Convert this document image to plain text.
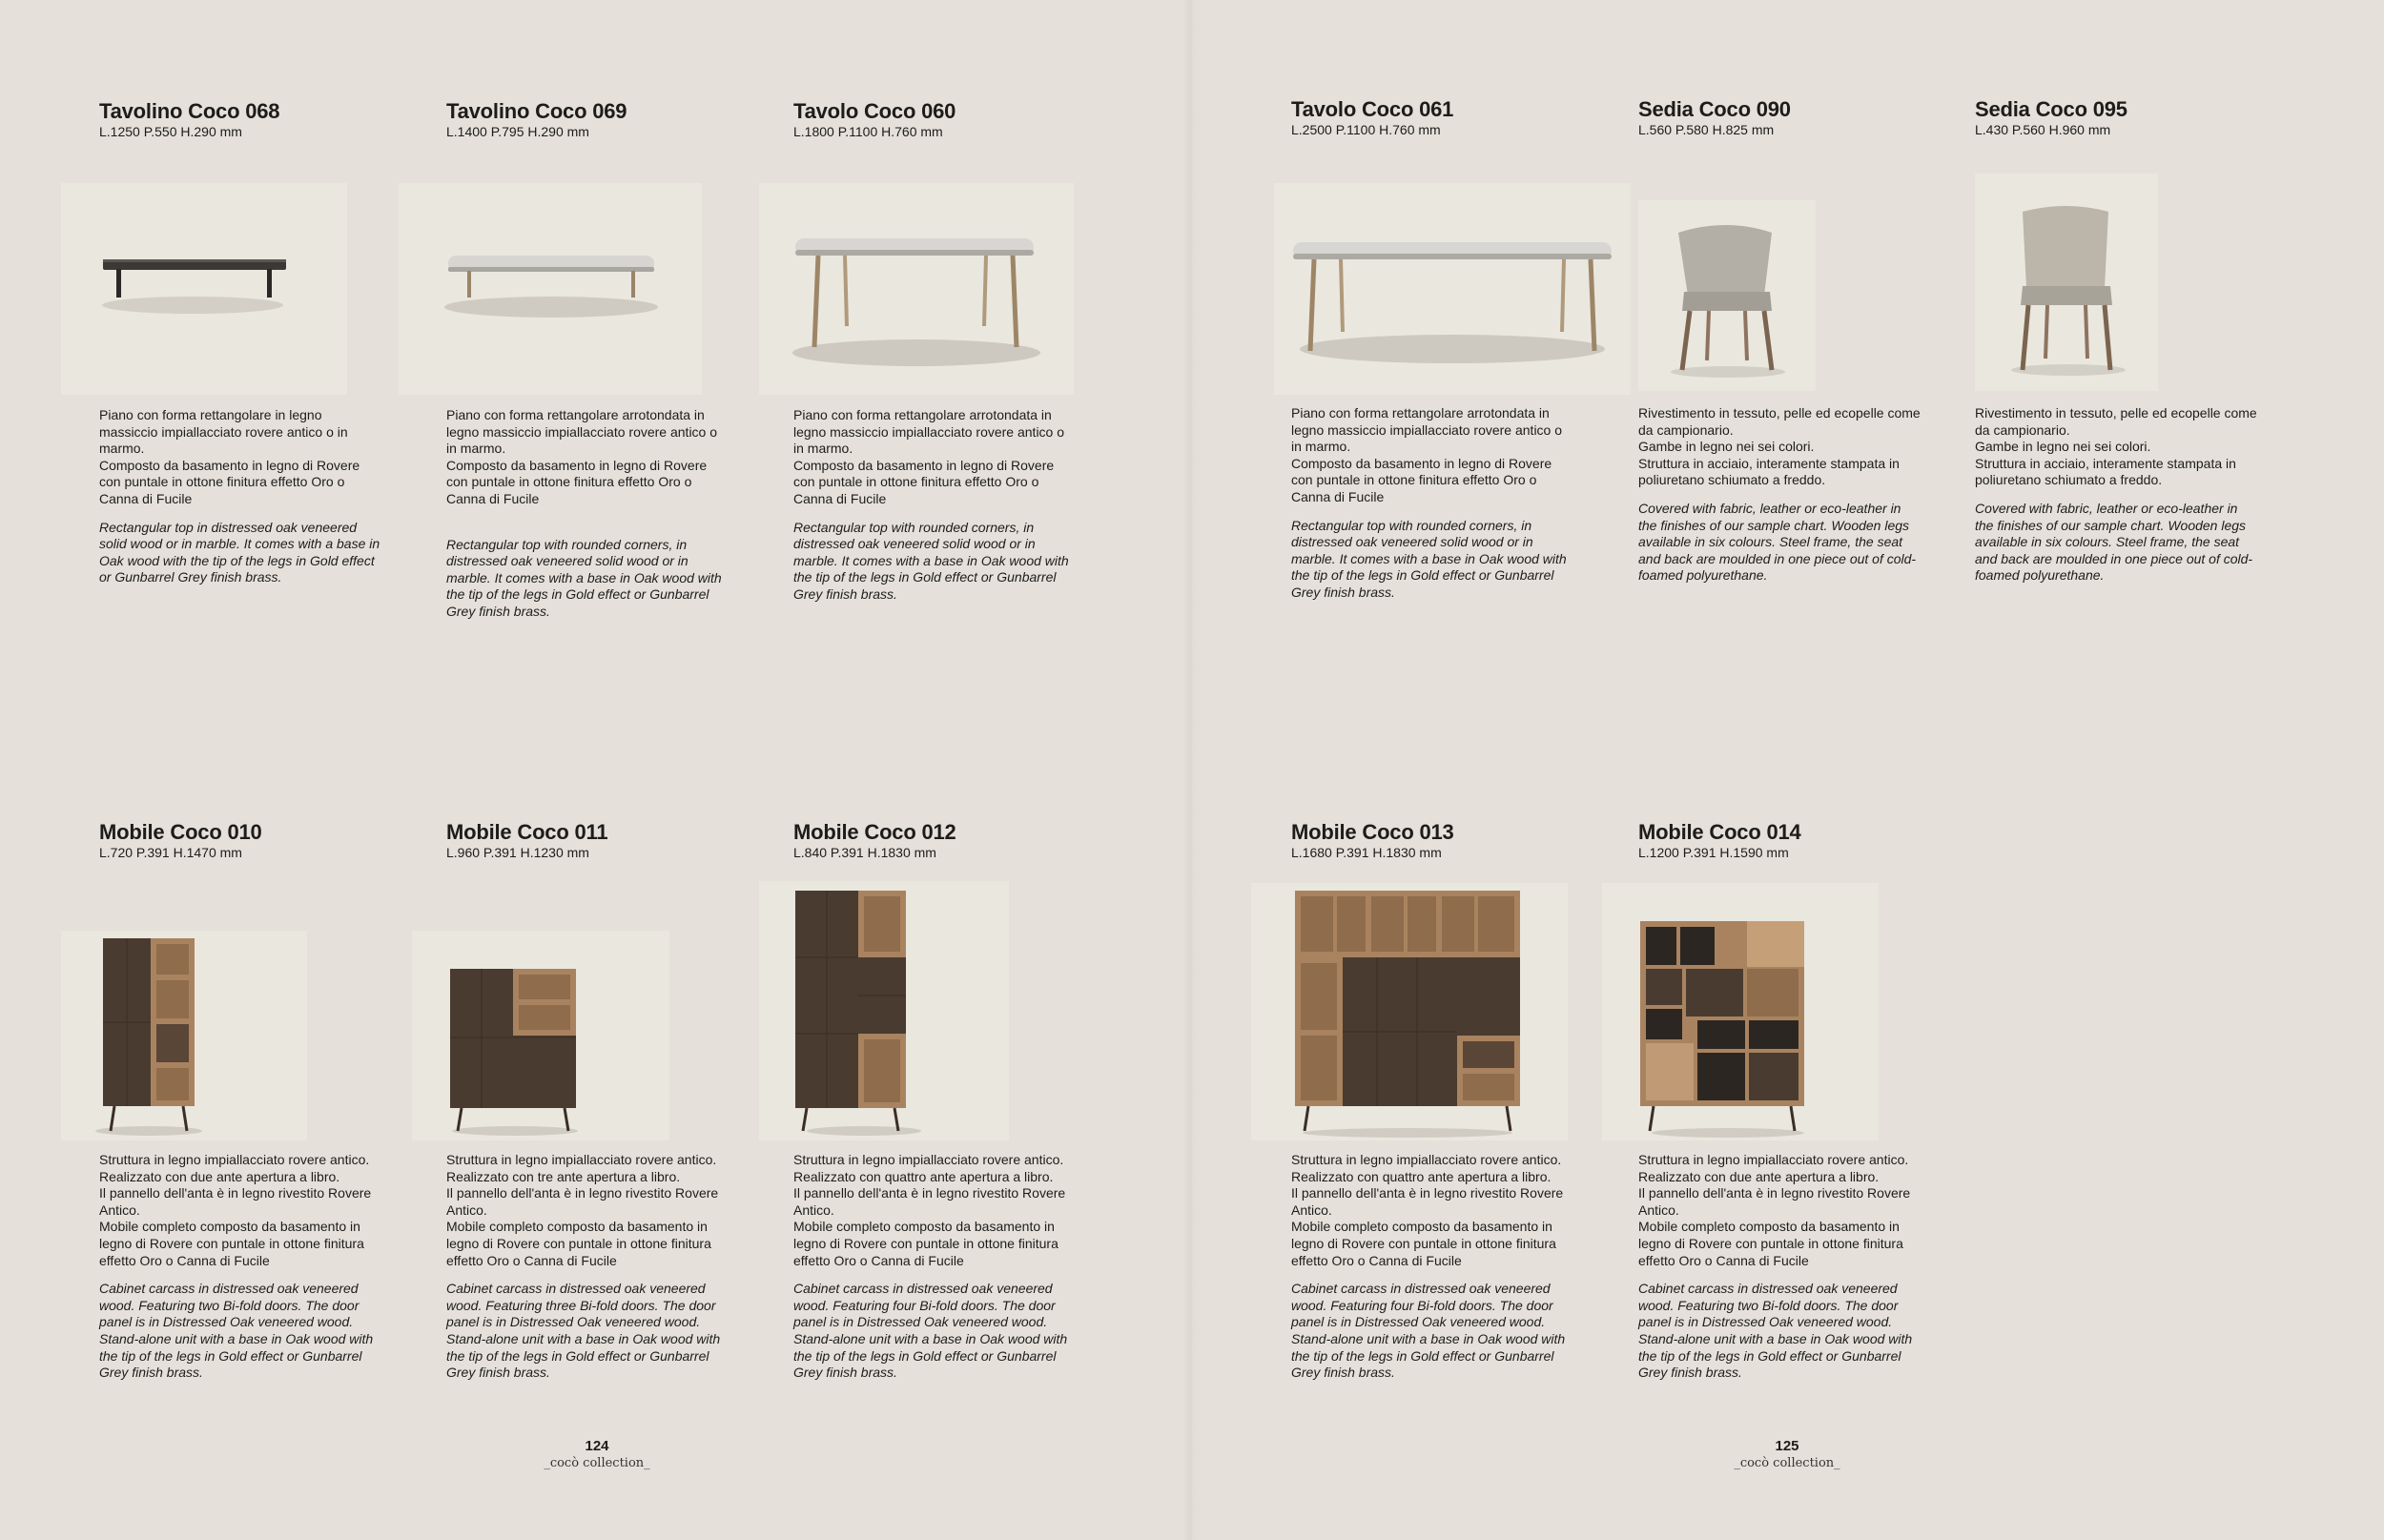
Tavolino Coco 068
L.1250 P.550 H.290 mm

Piano con forma rettangolare in legno

massiccio impiallacciato rovere antico o in

marmo.

Composto da basamento in legno di Rovere

con puntale in ottone finitura effetto Oro o

Canna di Fucile

Rectangular top in distressed oak veneered

solid wood or in marble. It comes with a base in

Oak wood with the tip of the legs in Gold effect

or Gunbarrel Grey finish brass.

Tavolino Coco 069
L.1400 P.795 H.290 mm

Piano con forma rettangolare arrotondata in

legno massiccio impiallacciato rovere antico o

in marmo.

Composto da basamento in legno di Rovere

con puntale in ottone finitura effetto Oro o

Canna di Fucile

Rectangular top with rounded corners, in

distressed oak veneered solid wood or in

marble. It comes with a base in Oak wood with

the tip of the legs in Gold effect or Gunbarrel

Grey finish brass.

Tavolo Coco 060
L.1800 P.1100 H.760 mm

Piano con forma rettangolare arrotondata in

legno massiccio impiallacciato rovere antico o

in marmo.

Composto da basamento in legno di Rovere

con puntale in ottone finitura effetto Oro o

Canna di Fucile

Rectangular top with rounded corners, in

distressed oak veneered solid wood or in

marble. It comes with a base in Oak wood with

the tip of the legs in Gold effect or Gunbarrel

Grey finish brass.

Tavolo Coco 061
L.2500 P.1100 H.760 mm

Piano con forma rettangolare arrotondata in

legno massiccio impiallacciato rovere antico o

in marmo.

Composto da basamento in legno di Rovere

con puntale in ottone finitura effetto Oro o

Canna di Fucile

Rectangular top with rounded corners, in

distressed oak veneered solid wood or in

marble. It comes with a base in Oak wood with

the tip of the legs in Gold effect or Gunbarrel

Grey finish brass.

Sedia Coco 090
L.560 P.580 H.825 mm

Rivestimento in tessuto, pelle ed ecopelle come

da campionario.

Gambe in legno nei sei colori.

Struttura in acciaio, interamente stampata in

poliuretano schiumato a freddo.

Covered with fabric, leather or eco-leather in

the finishes of our sample chart. Wooden legs

available in six colours. Steel frame, the seat

and back are moulded in one piece out of cold-

foamed polyurethane.

Sedia Coco 095
L.430 P.560 H.960 mm

Rivestimento in tessuto, pelle ed ecopelle come

da campionario.

Gambe in legno nei sei colori.

Struttura in acciaio, interamente stampata in

poliuretano schiumato a freddo.

Covered with fabric, leather or eco-leather in

the finishes of our sample chart. Wooden legs

available in six colours. Steel frame, the seat

and back are moulded in one piece out of cold-

foamed polyurethane.

Mobile Coco 010
L.720 P.391 H.1470 mm

Struttura in legno impiallacciato rovere antico.

Realizzato con due ante apertura a libro.

Il pannello dell'anta è in legno rivestito Rovere

Antico.

Mobile completo composto da basamento in

legno di Rovere con puntale in ottone finitura

effetto Oro o Canna di Fucile

Cabinet carcass in distressed oak veneered

wood. Featuring two Bi-fold doors. The door

panel is in Distressed Oak veneered wood.

Stand-alone unit with a base in Oak wood with

the tip of the legs in Gold effect or Gunbarrel

Grey finish brass.

Mobile Coco 011
L.960 P.391 H.1230 mm

Struttura in legno impiallacciato rovere antico.

Realizzato con tre ante apertura a libro.

Il pannello dell'anta è in legno rivestito Rovere

Antico.

Mobile completo composto da basamento in

legno di Rovere con puntale in ottone finitura

effetto Oro o Canna di Fucile

Cabinet carcass in distressed oak veneered

wood. Featuring three Bi-fold doors. The door

panel is in Distressed Oak veneered wood.

Stand-alone unit with a base in Oak wood with

the tip of the legs in Gold effect or Gunbarrel

Grey finish brass.

Mobile Coco 012
L.840 P.391 H.1830 mm

Struttura in legno impiallacciato rovere antico.

Realizzato con quattro ante apertura a libro.

Il pannello dell'anta è in legno rivestito Rovere

Antico.

Mobile completo composto da basamento in

legno di Rovere con puntale in ottone finitura

effetto Oro o Canna di Fucile

Cabinet carcass in distressed oak veneered

wood. Featuring four Bi-fold doors. The door

panel is in Distressed Oak veneered wood.

Stand-alone unit with a base in Oak wood with

the tip of the legs in Gold effect or Gunbarrel

Grey finish brass.

Mobile Coco 013
L.1680 P.391 H.1830 mm

Struttura in legno impiallacciato rovere antico.

Realizzato con quattro ante apertura a libro.

Il pannello dell'anta è in legno rivestito Rovere

Antico.

Mobile completo composto da basamento in

legno di Rovere con puntale in ottone finitura

effetto Oro o Canna di Fucile

Cabinet carcass in distressed oak veneered

wood. Featuring four Bi-fold doors. The door

panel is in Distressed Oak veneered wood.

Stand-alone unit with a base in Oak wood with

the tip of the legs in Gold effect or Gunbarrel

Grey finish brass.

Mobile Coco 014
L.1200 P.391 H.1590 mm

Struttura in legno impiallacciato rovere antico.

Realizzato con due ante apertura a libro.

Il pannello dell'anta è in legno rivestito Rovere

Antico.

Mobile completo composto da basamento in

legno di Rovere con puntale in ottone finitura

effetto Oro o Canna di Fucile

Cabinet carcass in distressed oak veneered

wood. Featuring two Bi-fold doors. The door

panel is in Distressed Oak veneered wood.

Stand-alone unit with a base in Oak wood with

the tip of the legs in Gold effect or Gunbarrel

Grey finish brass.

124
_cocò collection_
125
_cocò collection_
